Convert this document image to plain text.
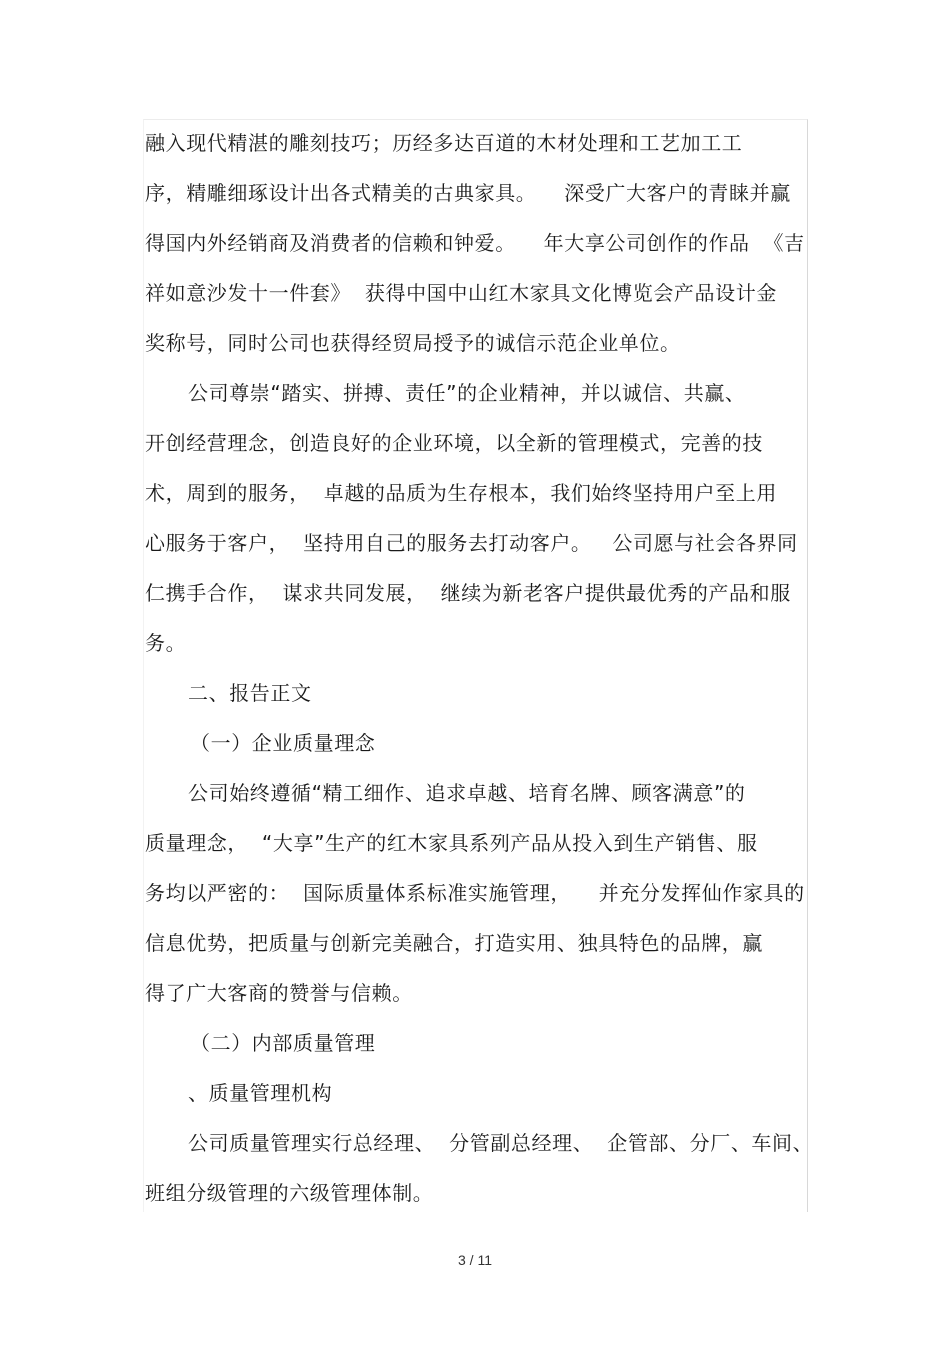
融入现代精湛的雕刻技巧；历经多达百道的木材处理和工艺加工工

序，精雕细琢设计出各式精美的古典家具。    深受广大客户的青睐并赢

得国内外经销商及消费者的信赖和钟爱。    年大享公司创作的作品  《吉

祥如意沙发十一件套》  获得中国中山红木家具文化博览会产品设计金

奖称号，同时公司也获得经贸局授予的诚信示范企业单位。

公司尊崇“踏实、拼搏、责任”的企业精神，并以诚信、共赢、

开创经营理念，创造良好的企业环境，以全新的管理模式，完善的技

术，周到的服务，  卓越的品质为生存根本，我们始终坚持用户至上用

心服务于客户，  坚持用自己的服务去打动客户。   公司愿与社会各界同

仁携手合作，  谋求共同发展，  继续为新老客户提供最优秀的产品和服

务。

二、报告正文

（一）企业质量理念

公司始终遵循“精工细作、追求卓越、培育名牌、顾客满意”的

质量理念，  “大享”生产的红木家具系列产品从投入到生产销售、服

务均以严密的：  国际质量体系标准实施管理，    并充分发挥仙作家具的

信息优势，把质量与创新完美融合，打造实用、独具特色的品牌，赢

得了广大客商的赞誉与信赖。

（二）内部质量管理

、质量管理机构

公司质量管理实行总经理、  分管副总经理、  企管部、分厂、车间、

班组分级管理的六级管理体制。

3 / 11
